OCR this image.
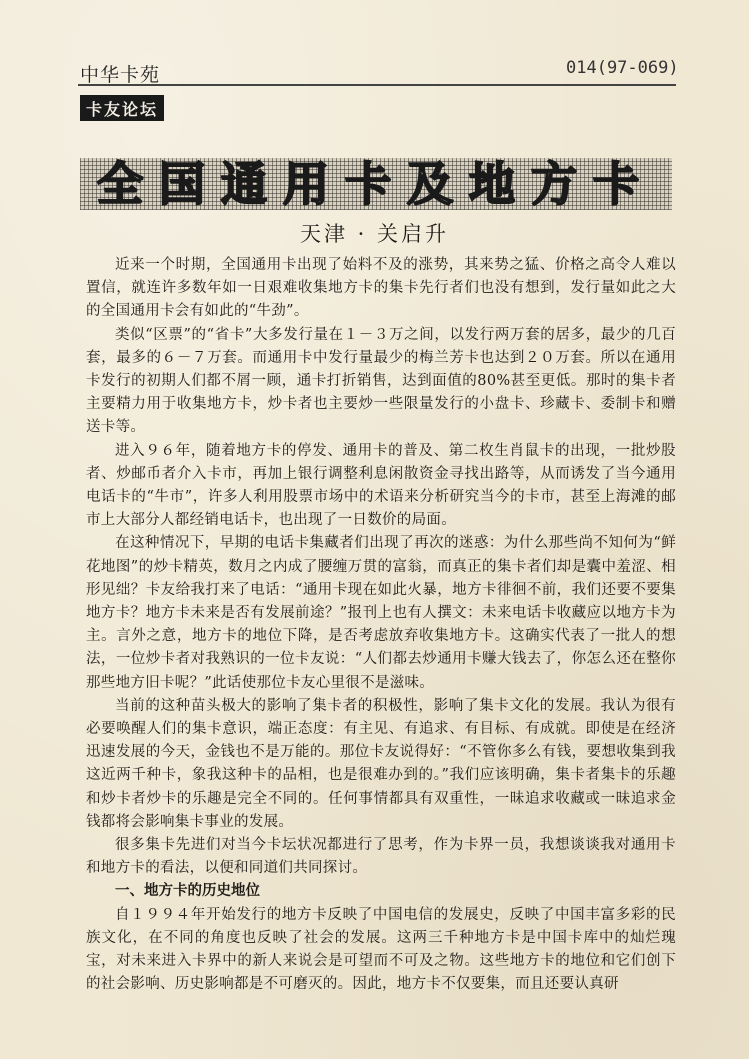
中华卡苑	014(97-069)
卡友论坛
全国通用卡及地方卡
天津 · 关启升

近来一个时期，全国通用卡出现了始料不及的涨势，其来势之猛、价格之高令人难以置信，就连许多数年如一日艰难收集地方卡的集卡先行者们也没有想到，发行量如此之大的全国通用卡会有如此的“牛劲”。

类似“区票”的“省卡”大多发行量在１－３万之间，以发行两万套的居多，最少的几百套，最多的６－７万套。而通用卡中发行量最少的梅兰芳卡也达到２０万套。所以在通用卡发行的初期人们都不屑一顾，通卡打折销售，达到面值的80%甚至更低。那时的集卡者主要精力用于收集地方卡，炒卡者也主要炒一些限量发行的小盘卡、珍藏卡、委制卡和赠送卡等。

进入９６年，随着地方卡的停发、通用卡的普及、第二枚生肖鼠卡的出现，一批炒股者、炒邮币者介入卡市，再加上银行调整利息闲散资金寻找出路等，从而诱发了当今通用电话卡的“牛市”，许多人利用股票市场中的术语来分析研究当今的卡市，甚至上海滩的邮市上大部分人都经销电话卡，也出现了一日数价的局面。

在这种情况下，早期的电话卡集藏者们出现了再次的迷惑：为什么那些尚不知何为“鲜花地图”的炒卡精英，数月之内成了腰缠万贯的富翁，而真正的集卡者们却是囊中羞涩、相形见绌？卡友给我打来了电话：“通用卡现在如此火暴，地方卡徘徊不前，我们还要不要集地方卡？地方卡未来是否有发展前途？”报刊上也有人撰文：未来电话卡收藏应以地方卡为主。言外之意，地方卡的地位下降，是否考虑放弃收集地方卡。这确实代表了一批人的想法，一位炒卡者对我熟识的一位卡友说：“人们都去炒通用卡赚大钱去了，你怎么还在整你那些地方旧卡呢？”此话使那位卡友心里很不是滋味。

当前的这种苗头极大的影响了集卡者的积极性，影响了集卡文化的发展。我认为很有必要唤醒人们的集卡意识，端正态度：有主见、有追求、有目标、有成就。即使是在经济迅速发展的今天，金钱也不是万能的。那位卡友说得好：“不管你多么有钱，要想收集到我这近两千种卡，象我这种卡的品相，也是很难办到的。”我们应该明确，集卡者集卡的乐趣和炒卡者炒卡的乐趣是完全不同的。任何事情都具有双重性，一昧追求收藏或一昧追求金钱都将会影响集卡事业的发展。

很多集卡先进们对当今卡坛状况都进行了思考，作为卡界一员，我想谈谈我对通用卡和地方卡的看法，以便和同道们共同探讨。

一、地方卡的历史地位

自１９９４年开始发行的地方卡反映了中国电信的发展史，反映了中国丰富多彩的民族文化，在不同的角度也反映了社会的发展。这两三千种地方卡是中国卡库中的灿烂瑰宝，对未来进入卡界中的新人来说会是可望而不可及之物。这些地方卡的地位和它们创下的社会影响、历史影响都是不可磨灭的。因此，地方卡不仅要集，而且还要认真研
